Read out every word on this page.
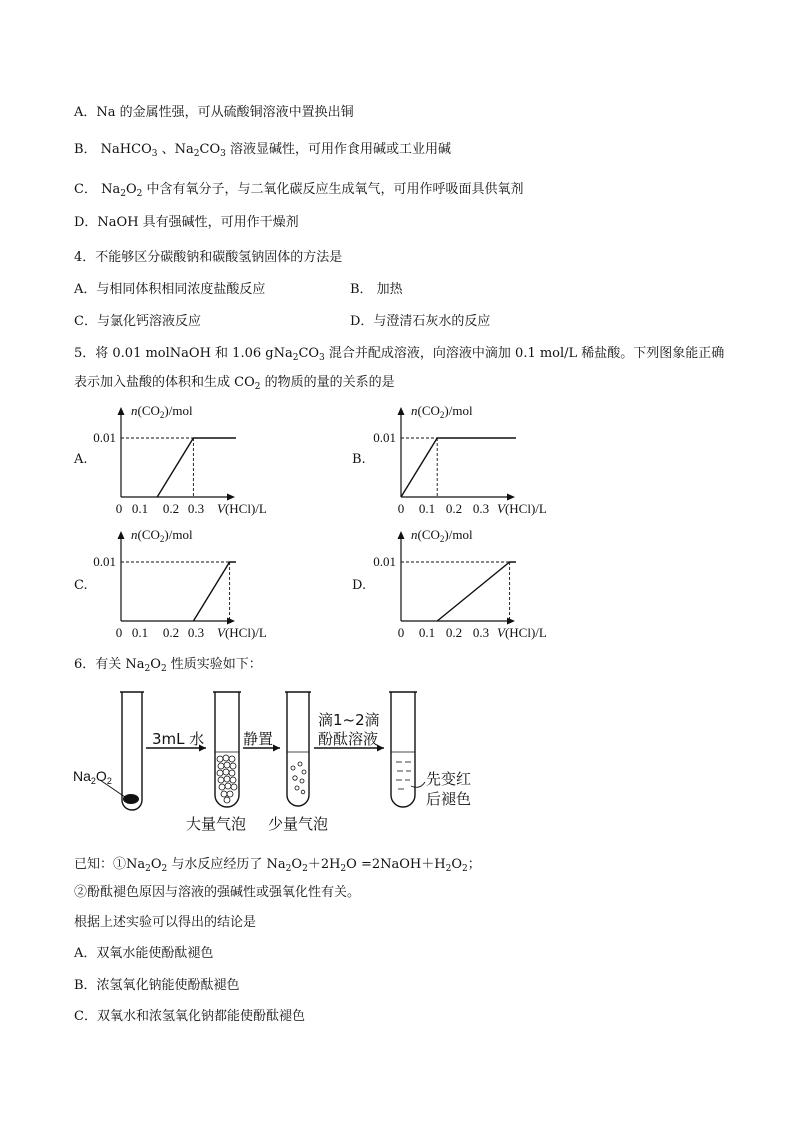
A．Na 的金属性强，可从硫酸铜溶液中置换出铜
B． NaHCO$_3$ 、$Na_2CO_3$ 溶液显碱性，可用作食用碱或工业用碱
C． $Na_2O_2$ 中含有氧分子，与二氧化碳反应生成氧气，可用作呼吸面具供氧剂
D．NaOH 具有强碱性，可用作干燥剂
4．不能够区分碳酸钠和碳酸氢钠固体的方法是
A．与相同体积相同浓度盐酸反应	B． 加热
C．与氯化钙溶液反应	D．与澄清石灰水的反应
5．将 0.01 molNaOH 和 1.06 $gNa_2CO_3$ 混合并配成溶液，向溶液中滴加 0.1 mol/L 稀盐酸。下列图象能正确
表示加入盐酸的体积和生成 $CO_2$ 的物质的量的关系的是
A.	B.
C.	D.
0.01
$n(CO_2)$/mol
0 0.1 0.2 0.3 V(HCl)/L
0.01
$n(CO_2)$/mol
0 0.1 0.2 0.3 V(HCl)/L
0.01
$n(CO_2)$/mol
0 0.1 0.2 0.3 V(HCl)/L
0.01
$n(CO_2)$/mol
0 0.1 0.2 0.3 V(HCl)/L
6．有关 $Na_2O_2$ 性质实验如下：
$Na_2O_2$
3mL 水	静置
滴1~2滴
酚酞溶液
大量气泡 少量气泡
先变红
后褪色
已知：$①Na_2O_2$ 与水反应经历了 $Na_2O_2+2H_2O$ $=2NaOH+H_2O_2$；
②酚酞褪色原因与溶液的强碱性或强氧化性有关。
根据上述实验可以得出的结论是
A．双氧水能使酚酞褪色
B．浓氢氧化钠能使酚酞褪色
C．双氧水和浓氢氧化钠都能使酚酞褪色
